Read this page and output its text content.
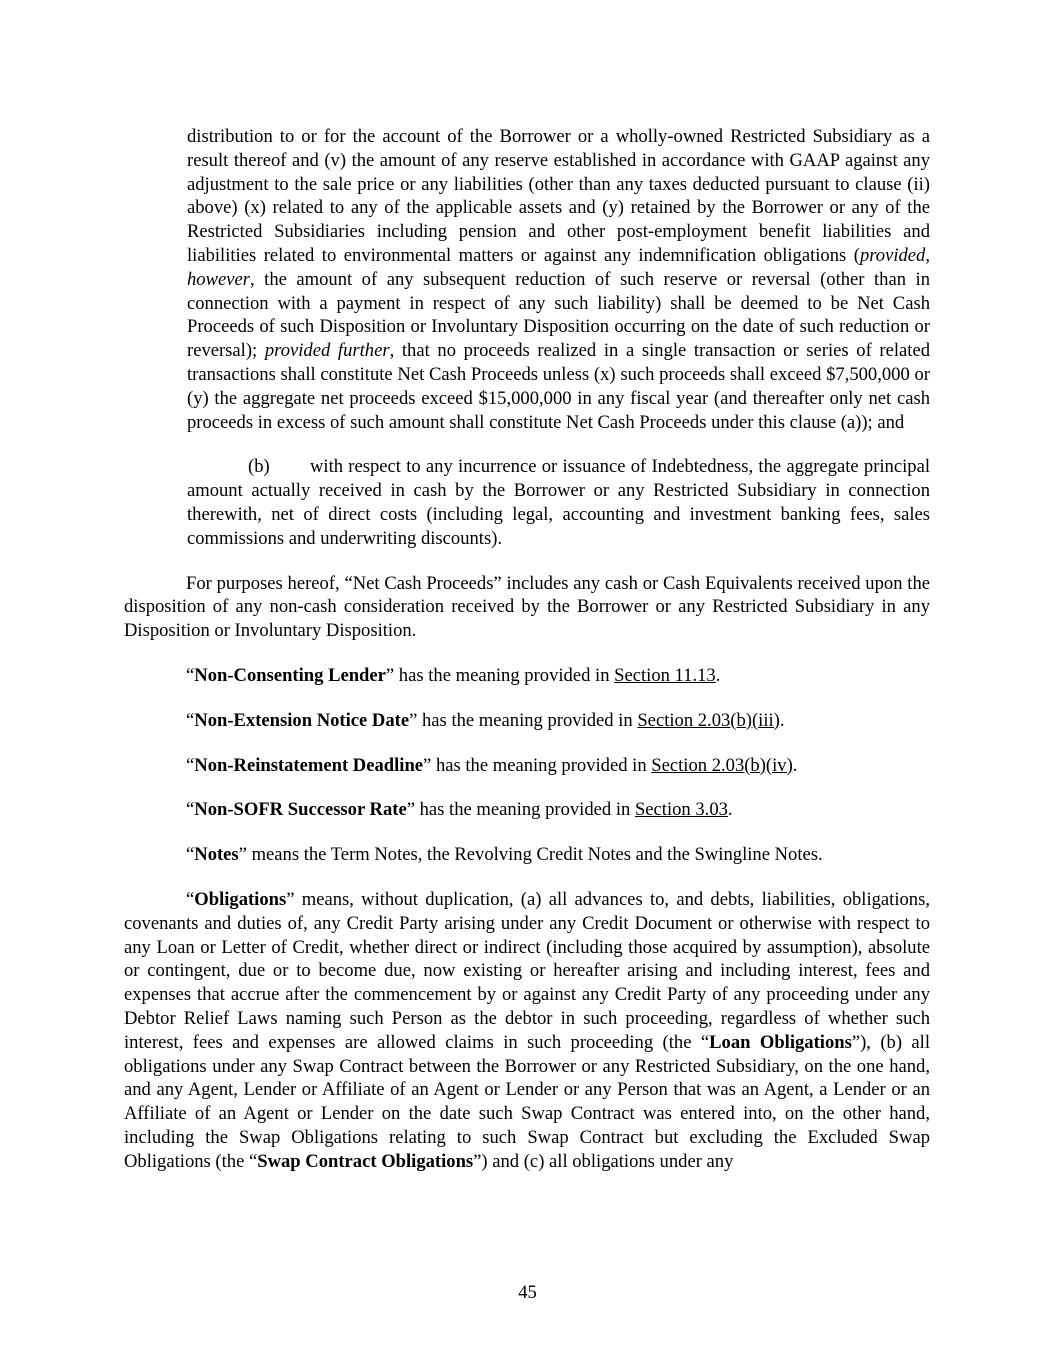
distribution to or for the account of the Borrower or a wholly-owned Restricted Subsidiary as a result thereof and (v) the amount of any reserve established in accordance with GAAP against any adjustment to the sale price or any liabilities (other than any taxes deducted pursuant to clause (ii) above) (x) related to any of the applicable assets and (y) retained by the Borrower or any of the Restricted Subsidiaries including pension and other post-employment benefit liabilities and liabilities related to environmental matters or against any indemnification obligations (provided, however, the amount of any subsequent reduction of such reserve or reversal (other than in connection with a payment in respect of any such liability) shall be deemed to be Net Cash Proceeds of such Disposition or Involuntary Disposition occurring on the date of such reduction or reversal); provided further, that no proceeds realized in a single transaction or series of related transactions shall constitute Net Cash Proceeds unless (x) such proceeds shall exceed $7,500,000 or (y) the aggregate net proceeds exceed $15,000,000 in any fiscal year (and thereafter only net cash proceeds in excess of such amount shall constitute Net Cash Proceeds under this clause (a)); and

(b) with respect to any incurrence or issuance of Indebtedness, the aggregate principal amount actually received in cash by the Borrower or any Restricted Subsidiary in connection therewith, net of direct costs (including legal, accounting and investment banking fees, sales commissions and underwriting discounts).

For purposes hereof, “Net Cash Proceeds” includes any cash or Cash Equivalents received upon the disposition of any non-cash consideration received by the Borrower or any Restricted Subsidiary in any Disposition or Involuntary Disposition.

“Non-Consenting Lender” has the meaning provided in Section 11.13.

“Non-Extension Notice Date” has the meaning provided in Section 2.03(b)(iii).

“Non-Reinstatement Deadline” has the meaning provided in Section 2.03(b)(iv).

“Non-SOFR Successor Rate” has the meaning provided in Section 3.03.

“Notes” means the Term Notes, the Revolving Credit Notes and the Swingline Notes.

“Obligations” means, without duplication, (a) all advances to, and debts, liabilities, obligations, covenants and duties of, any Credit Party arising under any Credit Document or otherwise with respect to any Loan or Letter of Credit, whether direct or indirect (including those acquired by assumption), absolute or contingent, due or to become due, now existing or hereafter arising and including interest, fees and expenses that accrue after the commencement by or against any Credit Party of any proceeding under any Debtor Relief Laws naming such Person as the debtor in such proceeding, regardless of whether such interest, fees and expenses are allowed claims in such proceeding (the “Loan Obligations”), (b) all obligations under any Swap Contract between the Borrower or any Restricted Subsidiary, on the one hand, and any Agent, Lender or Affiliate of an Agent or Lender or any Person that was an Agent, a Lender or an Affiliate of an Agent or Lender on the date such Swap Contract was entered into, on the other hand, including the Swap Obligations relating to such Swap Contract but excluding the Excluded Swap Obligations (the “Swap Contract Obligations”) and (c) all obligations under any

45
